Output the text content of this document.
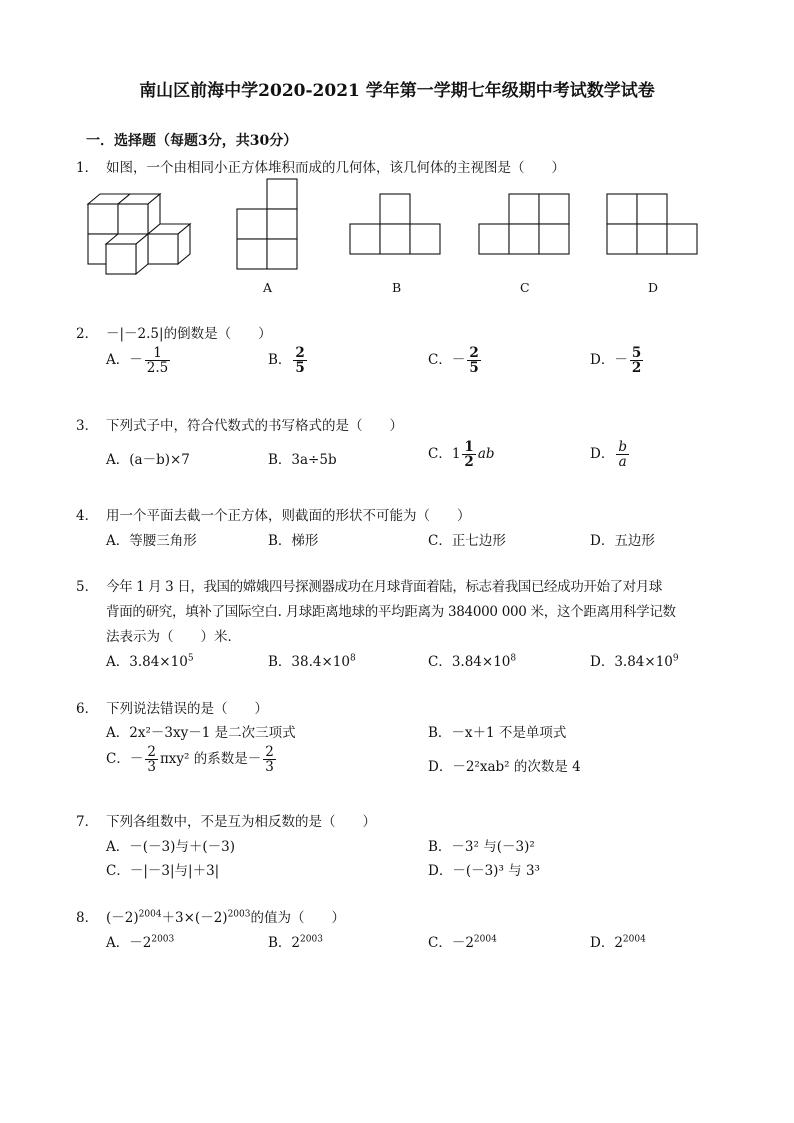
南山区前海中学2020-2021 学年第一学期七年级期中考试数学试卷
一．选择题（每题3分，共30分）
1． 如图，一个由相同小正方体堆积而成的几何体，该几何体的主视图是（　　）
A	B	C	D
2． －|－2.5|的倒数是（　　）
A．－ $\frac{1}{2.5}$	B． $\frac{2}{5}$	C．－ $\frac{2}{5}$	D．－ $\frac{5}{2}$
3． 下列式子中，符合代数式的书写格式的是（　　）
A．(a－b)×7	B．3a÷5b	C．$1 \frac{1}{2}$ ab	D． $\frac{b}{a}$
4． 用一个平面去截一个正方体，则截面的形状不可能为（　　）
A．等腰三角形	B．梯形	C．正七边形	D．五边形
5． 今年 1 月 3 日，我国的嫦娥四号探测器成功在月球背面着陆，标志着我国已经成功开始了对月球
背面的研究，填补了国际空白. 月球距离地球的平均距离为 384000 000 米，这个距离用科学记数
法表示为（　　）米．
A．$3.84\times 10^5$	B．$38.4\times 10^8$	C．$3.84\times 10^8$	D．$3.84\times 10^9$
6． 下列说法错误的是（　　）
A．2x²－3xy－1 是二次三项式	B．－x＋1 不是单项式
C．－ $\frac{2}{3} \pi xy^2$ 的系数是－ $\frac{2}{3}$	D．－2²xab² 的次数是 4
7． 下列各组数中，不是互为相反数的是（　　）
A．－(－3)与＋(－3)	B．－3² 与(－3)²
C．－|－3|与|＋3|	D．－(－3)³ 与 3³
8． $(-2)^{2004}+3\times(-2)^{2003}$的值为（　　）
A．$-2^{2003}$	B．$2^{2003}$	C．$-2^{2004}$	D．$2^{2004}$
